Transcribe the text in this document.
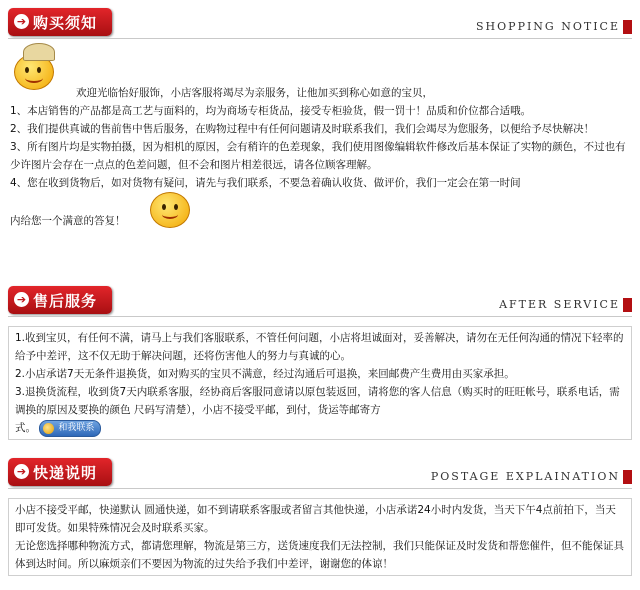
➔ 购买须知	SHOPPING NOTICE

欢迎光临怡好服饰，小店客服将竭尽为亲服务，让他加买到称心如意的宝贝，

1、本店销售的产品都是高工艺与面料的，均为商场专柜货品，接受专柜验货，假一罚十！品质和价位都合适哦。

2、我们提供真诚的售前售中售后服务，在购物过程中有任何问题请及时联系我们，我们会竭尽为您服务，以便给予尽快解决！

3、所有图片均是实物拍摄，因为相机的原因，会有稍许的色差现象，我们使用图像编辑软件修改后基本保证了实物的颜色，不过也有少许图片会存在一点点的色差问题，但不会和图片相差很远，请各位顾客理解。

4、您在收到货物后，如对货物有疑问，请先与我们联系，不要急着确认收货、做评价，我们一定会在第一时间

内给您一个满意的答复！

➔ 售后服务	AFTER SERVICE

1.收到宝贝，有任何不满，请马上与我们客服联系，不管任何问题，小店将坦诚面对，妥善解决，请勿在无任何沟通的情况下轻率的给予中差评，这不仅无助于解决问题，还将伤害他人的努力与真诚的心。

2.小店承诺7天无条件退换货，如对购买的宝贝不满意，经过沟通后可退换，来回邮费产生费用由买家承担。

3.退换货流程，收到货7天内联系客服，经协商后客服同意请以原包装返回，请将您的客人信息（购买时的旺旺帐号，联系电话，需调换的原因及要换的颜色 尺码写清楚），小店不接受平邮，到付，货运等邮寄方

式。 和我联系

➔ 快递说明	POSTAGE EXPLAINATION

小店不接受平邮，快递默认 圆通快递，如不到请联系客服或者留言其他快递，小店承诺24小时内发货，当天下午4点前拍下，当天即可发货。如果特殊情况会及时联系买家。

无论您选择哪种物流方式，都请您理解，物流是第三方，送货速度我们无法控制，我们只能保证及时发货和帮您催件，但不能保证具体到达时间。所以麻烦亲们不要因为物流的过失给予我们中差评，谢谢您的体谅！
